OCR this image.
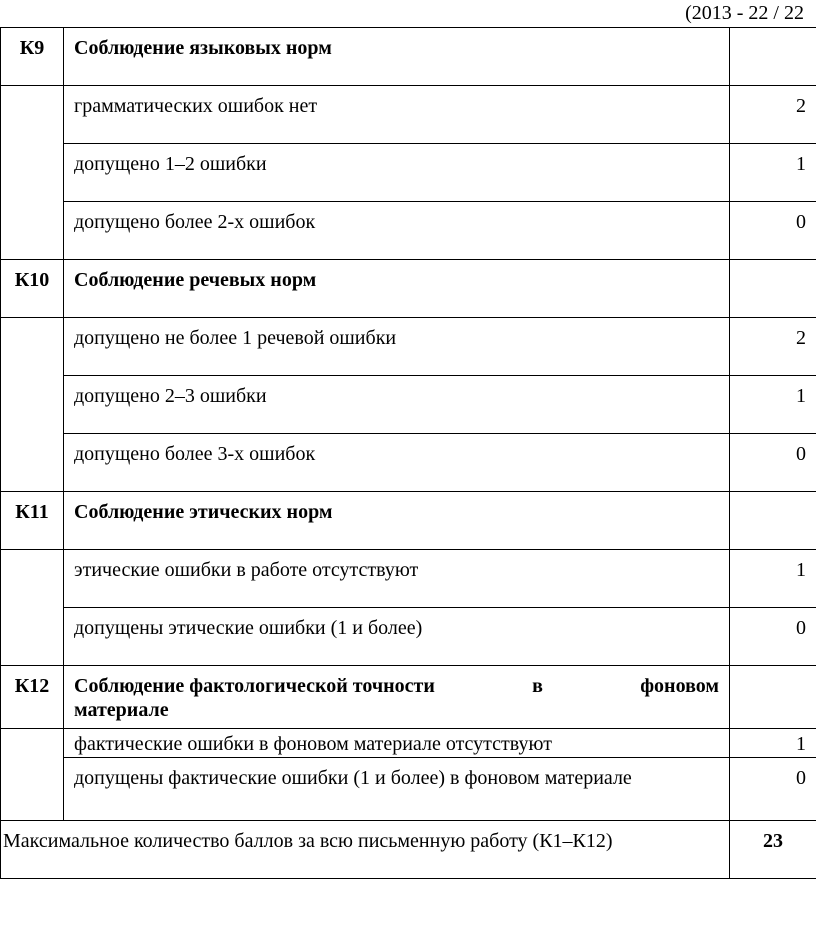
(2013 - 22 / 22
К9	Соблюдение языковых норм	
	грамматических ошибок нет	2
	допущено 1–2 ошибки	1
	допущено более 2-х ошибок	0
К10	Соблюдение речевых норм	
	допущено не более 1 речевой ошибки	2
	допущено 2–3 ошибки	1
	допущено более 3-х ошибок	0
К11	Соблюдение этических норм	
	этические ошибки в работе отсутствуют	1
	допущены этические ошибки (1 и более)	0
К12	Соблюдение фактологической точности в фоновом
материале	

	фактические ошибки в фоновом материале отсутствуют	1
	допущены фактические ошибки (1 и более) в фоновом материале	0
Максимальное количество баллов за всю письменную работу (К1–К12)		23
